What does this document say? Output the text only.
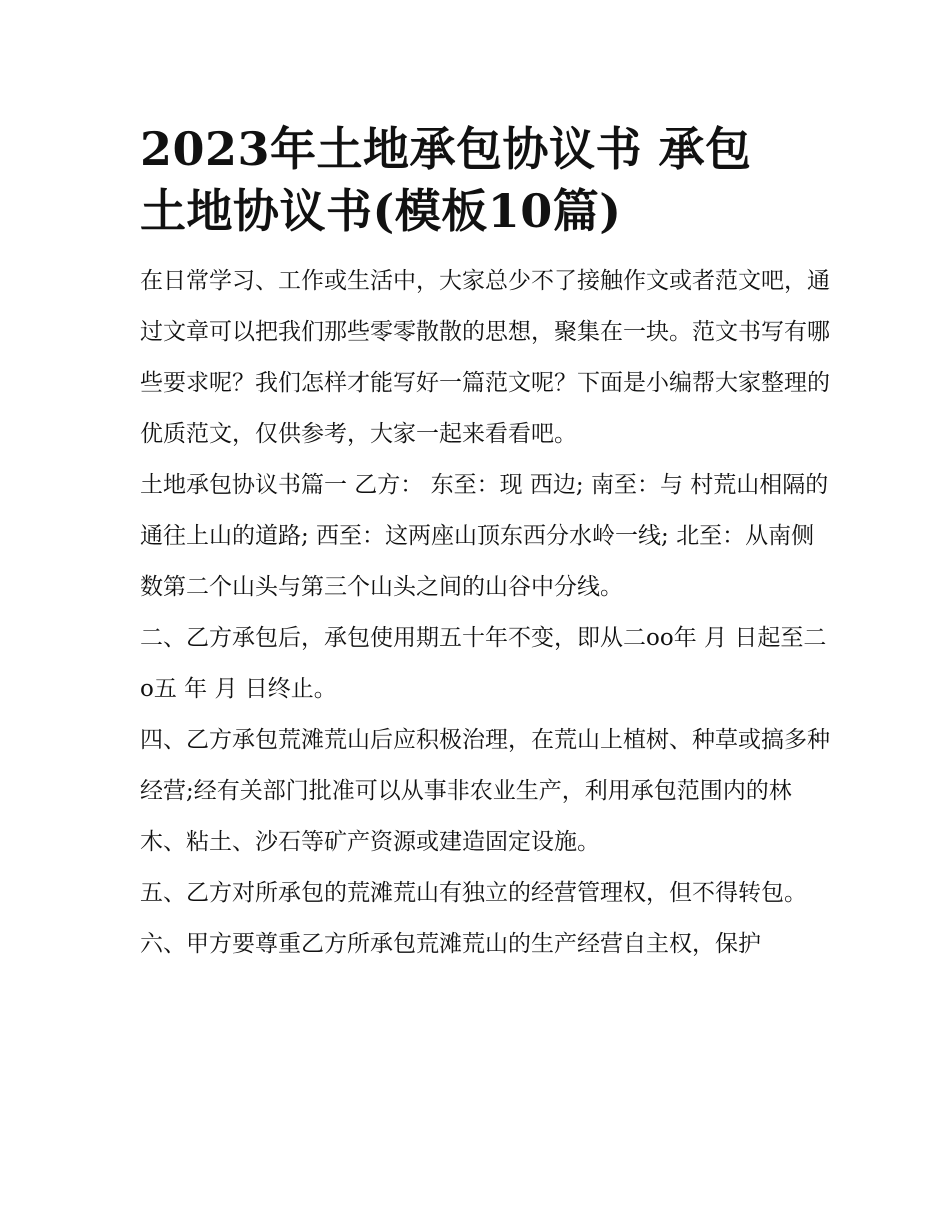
2023年土地承包协议书 承包
土地协议书(模板10篇)

在日常学习、工作或生活中，大家总少不了接触作文或者范文吧，通过文章可以把我们那些零零散散的思想，聚集在一块。范文书写有哪些要求呢？我们怎样才能写好一篇范文呢？下面是小编帮大家整理的优质范文，仅供参考，大家一起来看看吧。

土地承包协议书篇一 乙方： 东至：现 西边; 南至：与 村荒山相隔的通往上山的道路; 西至：这两座山顶东西分水岭一线; 北至：从南侧数第二个山头与第三个山头之间的山谷中分线。

二、乙方承包后，承包使用期五十年不变，即从二oo年 月 日起至二o五 年 月 日终止。

四、乙方承包荒滩荒山后应积极治理，在荒山上植树、种草或搞多种经营;经有关部门批准可以从事非农业生产，利用承包范围内的林木、粘土、沙石等矿产资源或建造固定设施。

五、乙方对所承包的荒滩荒山有独立的经营管理权，但不得转包。

六、甲方要尊重乙方所承包荒滩荒山的生产经营自主权，保护
